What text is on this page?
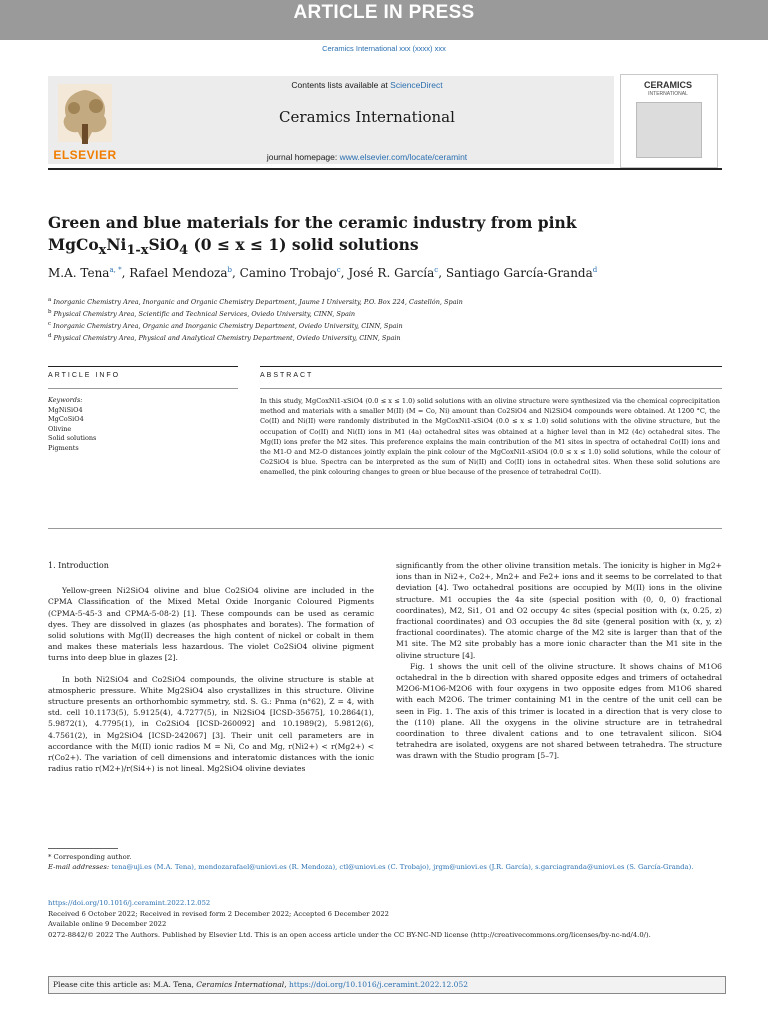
ARTICLE IN PRESS
Ceramics International xxx (xxxx) xxx
ELSEVIER
Contents lists available at ScienceDirect
Ceramics International
journal homepage: www.elsevier.com/locate/ceramint
CERAMICS
INTERNATIONAL
Green and blue materials for the ceramic industry from pink
$MgCo_xNi_{1-x}SiO_4$ (0 ≤ x ≤ 1) solid solutions
M.A. Tena$^{a, *}$, Rafael Mendoza$^b$, Camino Trobajo$^c$, José R. García$^c$, Santiago García-Granda$^d$
$^a$ Inorganic Chemistry Area, Inorganic and Organic Chemistry Department, Jaume I University, P.O. Box 224, Castellón, Spain
$^b$ Physical Chemistry Area, Scientific and Technical Services, Oviedo University, CINN, Spain
$^c$ Inorganic Chemistry Area, Organic and Inorganic Chemistry Department, Oviedo University, CINN, Spain
$^d$ Physical Chemistry Area, Physical and Analytical Chemistry Department, Oviedo University, CINN, Spain
ARTICLE INFO	ABSTRACT
Keywords:
MgNiSiO4
MgCoSiO4
Olivine
Solid solutions
Pigments
In this study, MgCoxNi1-xSiO4 (0.0 ≤ x ≤ 1.0) solid solutions with an olivine structure were synthesized via the chemical coprecipitation method and materials with a smaller M(II) (M = Co, Ni) amount than Co2SiO4 and Ni2SiO4 compounds were obtained. At 1200 °C, the Co(II) and Ni(II) were randomly distributed in the MgCoxNi1-xSiO4 (0.0 ≤ x ≤ 1.0) solid solutions with the olivine structure, but the occupation of Co(II) and Ni(II) ions in M1 (4a) octahedral sites was obtained at a higher level than in M2 (4c) octahedral sites. The Mg(II) ions prefer the M2 sites. This preference explains the main contribution of the M1 sites in spectra of octahedral Co(II) ions and the M1-O and M2-O distances jointly explain the pink colour of the MgCoxNi1-xSiO4 (0.0 ≤ x ≤ 1.0) solid solutions, while the colour of Co2SiO4 is blue. Spectra can be interpreted as the sum of Ni(II) and Co(II) ions in octahedral sites. When these solid solutions are enamelled, the pink colouring changes to green or blue because of the presence of tetrahedral Co(II).
1. Introduction

Yellow-green Ni2SiO4 olivine and blue Co2SiO4 olivine are included in the CPMA Classification of the Mixed Metal Oxide Inorganic Coloured Pigments (CPMA-5-45-3 and CPMA-5-08-2) [1]. These compounds can be used as ceramic dyes. They are dissolved in glazes (as phosphates and borates). The formation of solid solutions with Mg(II) decreases the high content of nickel or cobalt in them and makes these materials less hazardous. The violet Co2SiO4 olivine pigment turns into deep blue in glazes [2].

In both Ni2SiO4 and Co2SiO4 compounds, the olivine structure is stable at atmospheric pressure. White Mg2SiO4 also crystallizes in this structure. Olivine structure presents an orthorhombic symmetry, std. S. G.: Pnma (n°62), Z = 4, with std. cell 10.1173(5), 5.9125(4), 4.7277(5), in Ni2SiO4 [ICSD-35675], 10.2864(1), 5.9872(1), 4.7795(1), in Co2SiO4 [ICSD-260092] and 10.1989(2), 5.9812(6), 4.7561(2), in Mg2SiO4 [ICSD-242067] [3]. Their unit cell parameters are in accordance with the M(II) ionic radios M = Ni, Co and Mg, r(Ni2+) < r(Mg2+) < r(Co2+). The variation of cell dimensions and interatomic distances with the ionic radius ratio r(M2+)/r(Si4+) is not lineal. Mg2SiO4 olivine deviates

significantly from the other olivine transition metals. The ionicity is higher in Mg2+ ions than in Ni2+, Co2+, Mn2+ and Fe2+ ions and it seems to be correlated to that deviation [4]. Two octahedral positions are occupied by M(II) ions in the olivine structure. M1 occupies the 4a site (special position with (0, 0, 0) fractional coordinates), M2, Si1, O1 and O2 occupy 4c sites (special position with (x, 0.25, z) fractional coordinates) and O3 occupies the 8d site (general position with (x, y, z) fractional coordinates). The atomic charge of the M2 site is larger than that of the M1 site. The M2 site probably has a more ionic character than the M1 site in the olivine structure [4].

Fig. 1 shows the unit cell of the olivine structure. It shows chains of M1O6 octahedral in the b direction with shared opposite edges and trimers of octahedral M2O6-M1O6-M2O6 with four oxygens in two opposite edges from M1O6 shared with each M2O6. The trimer containing M1 in the centre of the unit cell can be seen in Fig. 1. The axis of this trimer is located in a direction that is very close to the (110) plane. All the oxygens in the olivine structure are in tetrahedral coordination to three divalent cations and to one tetravalent silicon. SiO4 tetrahedra are isolated, oxygens are not shared between tetrahedra. The structure was drawn with the Studio program [5–7].

* Corresponding author.
E-mail addresses: tena@uji.es (M.A. Tena), mendozarafael@uniovi.es (R. Mendoza), ctl@uniovi.es (C. Trobajo), jrgm@uniovi.es (J.R. García), s.garciagranda@uniovi.es (S. García-Granda).
https://doi.org/10.1016/j.ceramint.2022.12.052
Received 6 October 2022; Received in revised form 2 December 2022; Accepted 6 December 2022
Available online 9 December 2022
0272-8842/© 2022 The Authors. Published by Elsevier Ltd. This is an open access article under the CC BY-NC-ND license (http://creativecommons.org/licenses/by-nc-nd/4.0/).
Please cite this article as: M.A. Tena, Ceramics International, https://doi.org/10.1016/j.ceramint.2022.12.052
